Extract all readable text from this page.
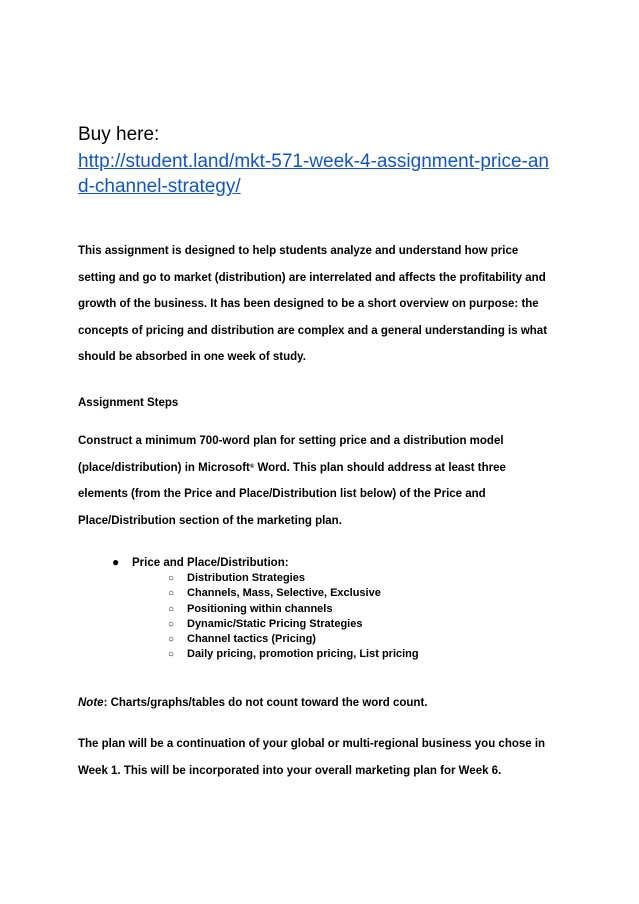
Buy here:
http://student.land/mkt-571-week-4-assignment-price-an
d-channel-strategy/
This assignment is designed to help students analyze and understand how price
setting and go to market (distribution) are interrelated and affects the profitability and
growth of the business. It has been designed to be a short overview on purpose: the
concepts of pricing and distribution are complex and a general understanding is what
should be absorbed in one week of study.
Assignment Steps
Construct a minimum 700-word plan for setting price and a distribution model
(place/distribution) in Microsoft® Word. This plan should address at least three
elements (from the Price and Place/Distribution list below) of the Price and
Place/Distribution section of the marketing plan.
● Price and Place/Distribution:
○ Distribution Strategies
○ Channels, Mass, Selective, Exclusive
○ Positioning within channels
○ Dynamic/Static Pricing Strategies
○ Channel tactics (Pricing)
○ Daily pricing, promotion pricing, List pricing
Note: Charts/graphs/tables do not count toward the word count.
The plan will be a continuation of your global or multi-regional business you chose in
Week 1. This will be incorporated into your overall marketing plan for Week 6.
